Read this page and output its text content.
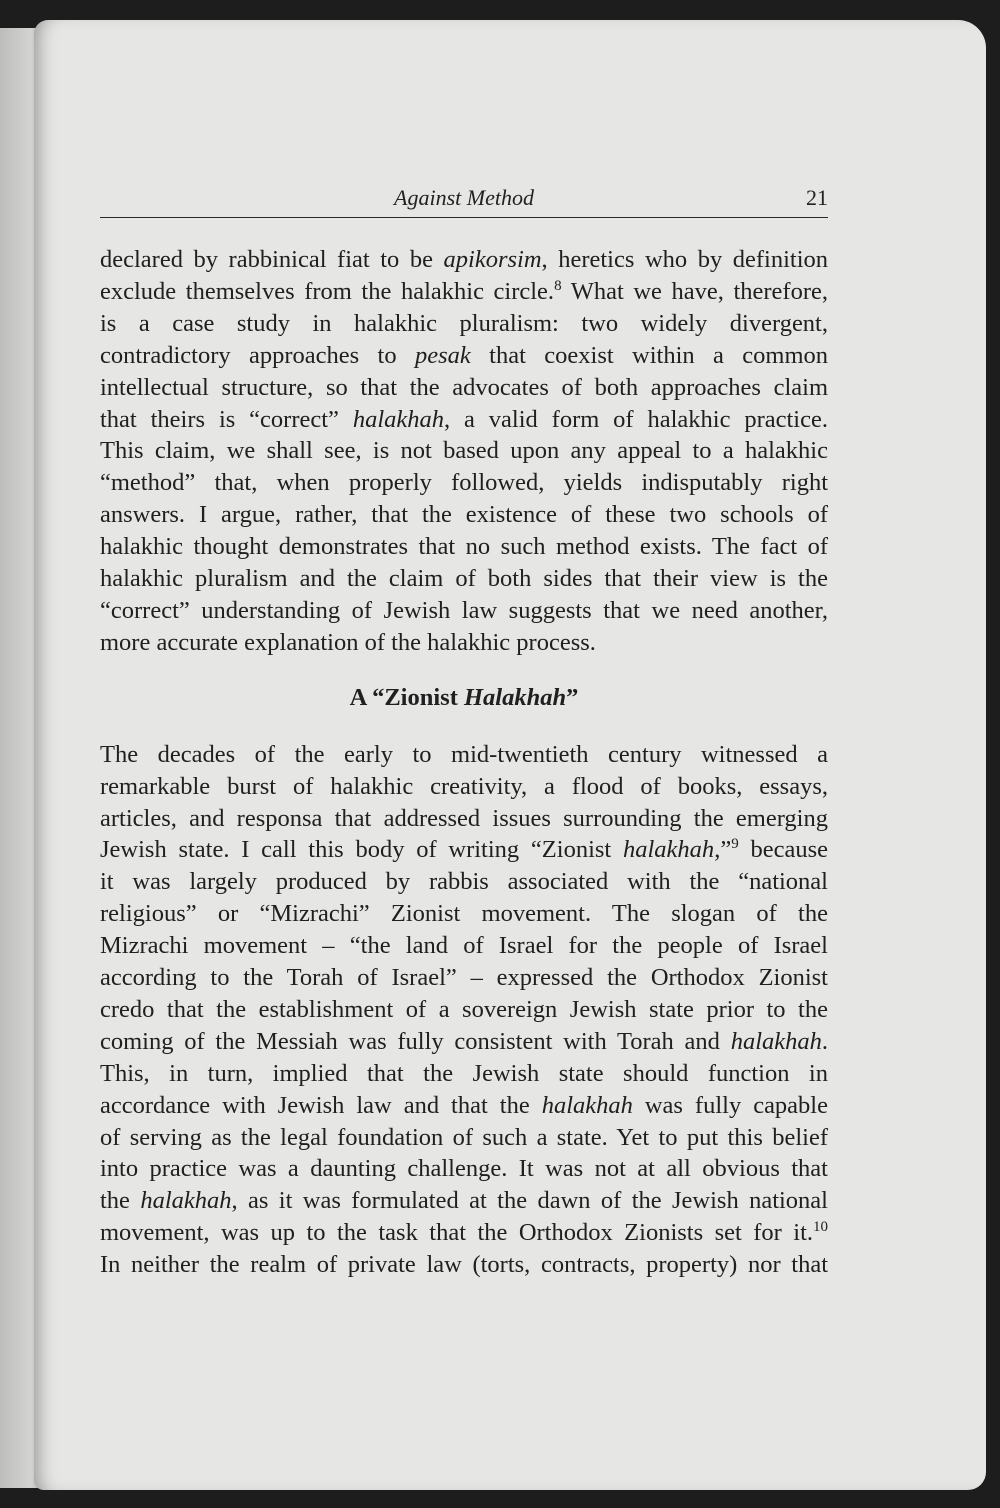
Against Method	21
declared by rabbinical fiat to be apikorsim, heretics who by definition
exclude themselves from the halakhic circle.$^8$ What we have, therefore,
is a case study in halakhic pluralism: two widely divergent,
contradictory approaches to pesak that coexist within a common
intellectual structure, so that the advocates of both approaches claim
that theirs is “correct” halakhah, a valid form of halakhic practice.
This claim, we shall see, is not based upon any appeal to a halakhic
“method” that, when properly followed, yields indisputably right
answers. I argue, rather, that the existence of these two schools of
halakhic thought demonstrates that no such method exists. The fact of
halakhic pluralism and the claim of both sides that their view is the
“correct” understanding of Jewish law suggests that we need another,
more accurate explanation of the halakhic process.
A “Zionist Halakhah”
The decades of the early to mid-twentieth century witnessed a
remarkable burst of halakhic creativity, a flood of books, essays,
articles, and responsa that addressed issues surrounding the emerging
Jewish state. I call this body of writing “Zionist halakhah,”$^9$ because
it was largely produced by rabbis associated with the “national
religious” or “Mizrachi” Zionist movement. The slogan of the
Mizrachi movement – “the land of Israel for the people of Israel
according to the Torah of Israel” – expressed the Orthodox Zionist
credo that the establishment of a sovereign Jewish state prior to the
coming of the Messiah was fully consistent with Torah and halakhah.
This, in turn, implied that the Jewish state should function in
accordance with Jewish law and that the halakhah was fully capable
of serving as the legal foundation of such a state. Yet to put this belief
into practice was a daunting challenge. It was not at all obvious that
the halakhah, as it was formulated at the dawn of the Jewish national
movement, was up to the task that the Orthodox Zionists set for it.$^{10}$
In neither the realm of private law (torts, contracts, property) nor that
